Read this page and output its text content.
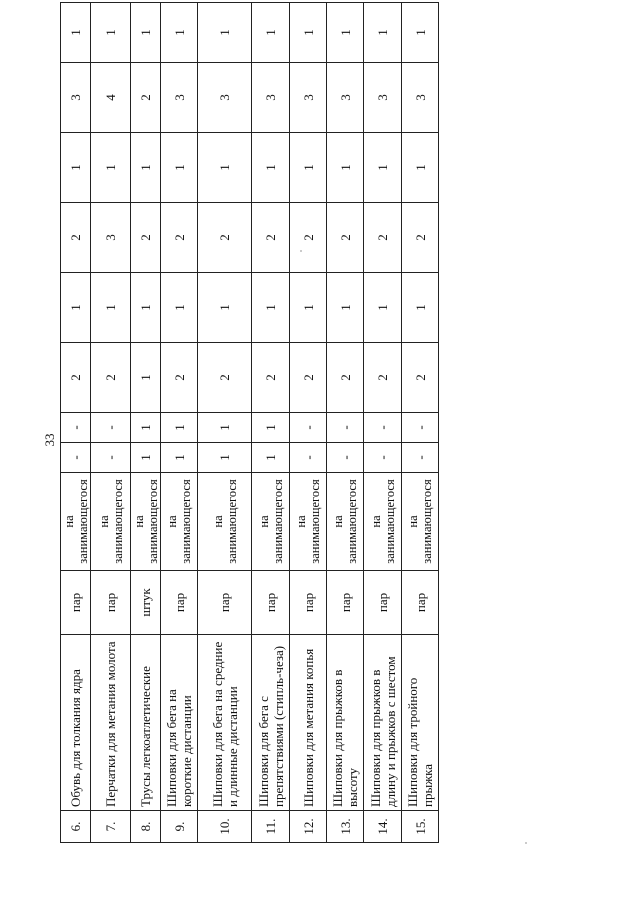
33
6.	Обувь для толкания ядра	пар	на занимающегося	-	-	2	1	2	1	3	1
7.	Перчатки для метания молота	пар	на занимающегося	-	-	2	1	3	1	4	1
8.	Трусы легкоатлетические	штук	на занимающегося	1	1	1	1	2	1	2	1
9.	Шиповки для бега на короткие дистанции	пар	на занимающегося	1	1	2	1	2	1	3	1
10.	Шиповки для бега на средние и длинные дистанции	пар	на занимающегося	1	1	2	1	2	1	3	1
11.	Шиповки для бега с препятствиями (стипль-чеза)	пар	на занимающегося	1	1	2	1	2	1	3	1
12.	Шиповки для метания копья	пар	на занимающегося	-	-	2	1	2	1	3	1
13.	Шиповки для прыжков в высоту	пар	на занимающегося	-	-	2	1	2	1	3	1
14.	Шиповки для прыжков в длину и прыжков с шестом	пар	на занимающегося	-	-	2	1	2	1	3	1
15.	Шиповки для тройного прыжка	пар	на занимающегося	-	-	2	1	2	1	3	1
